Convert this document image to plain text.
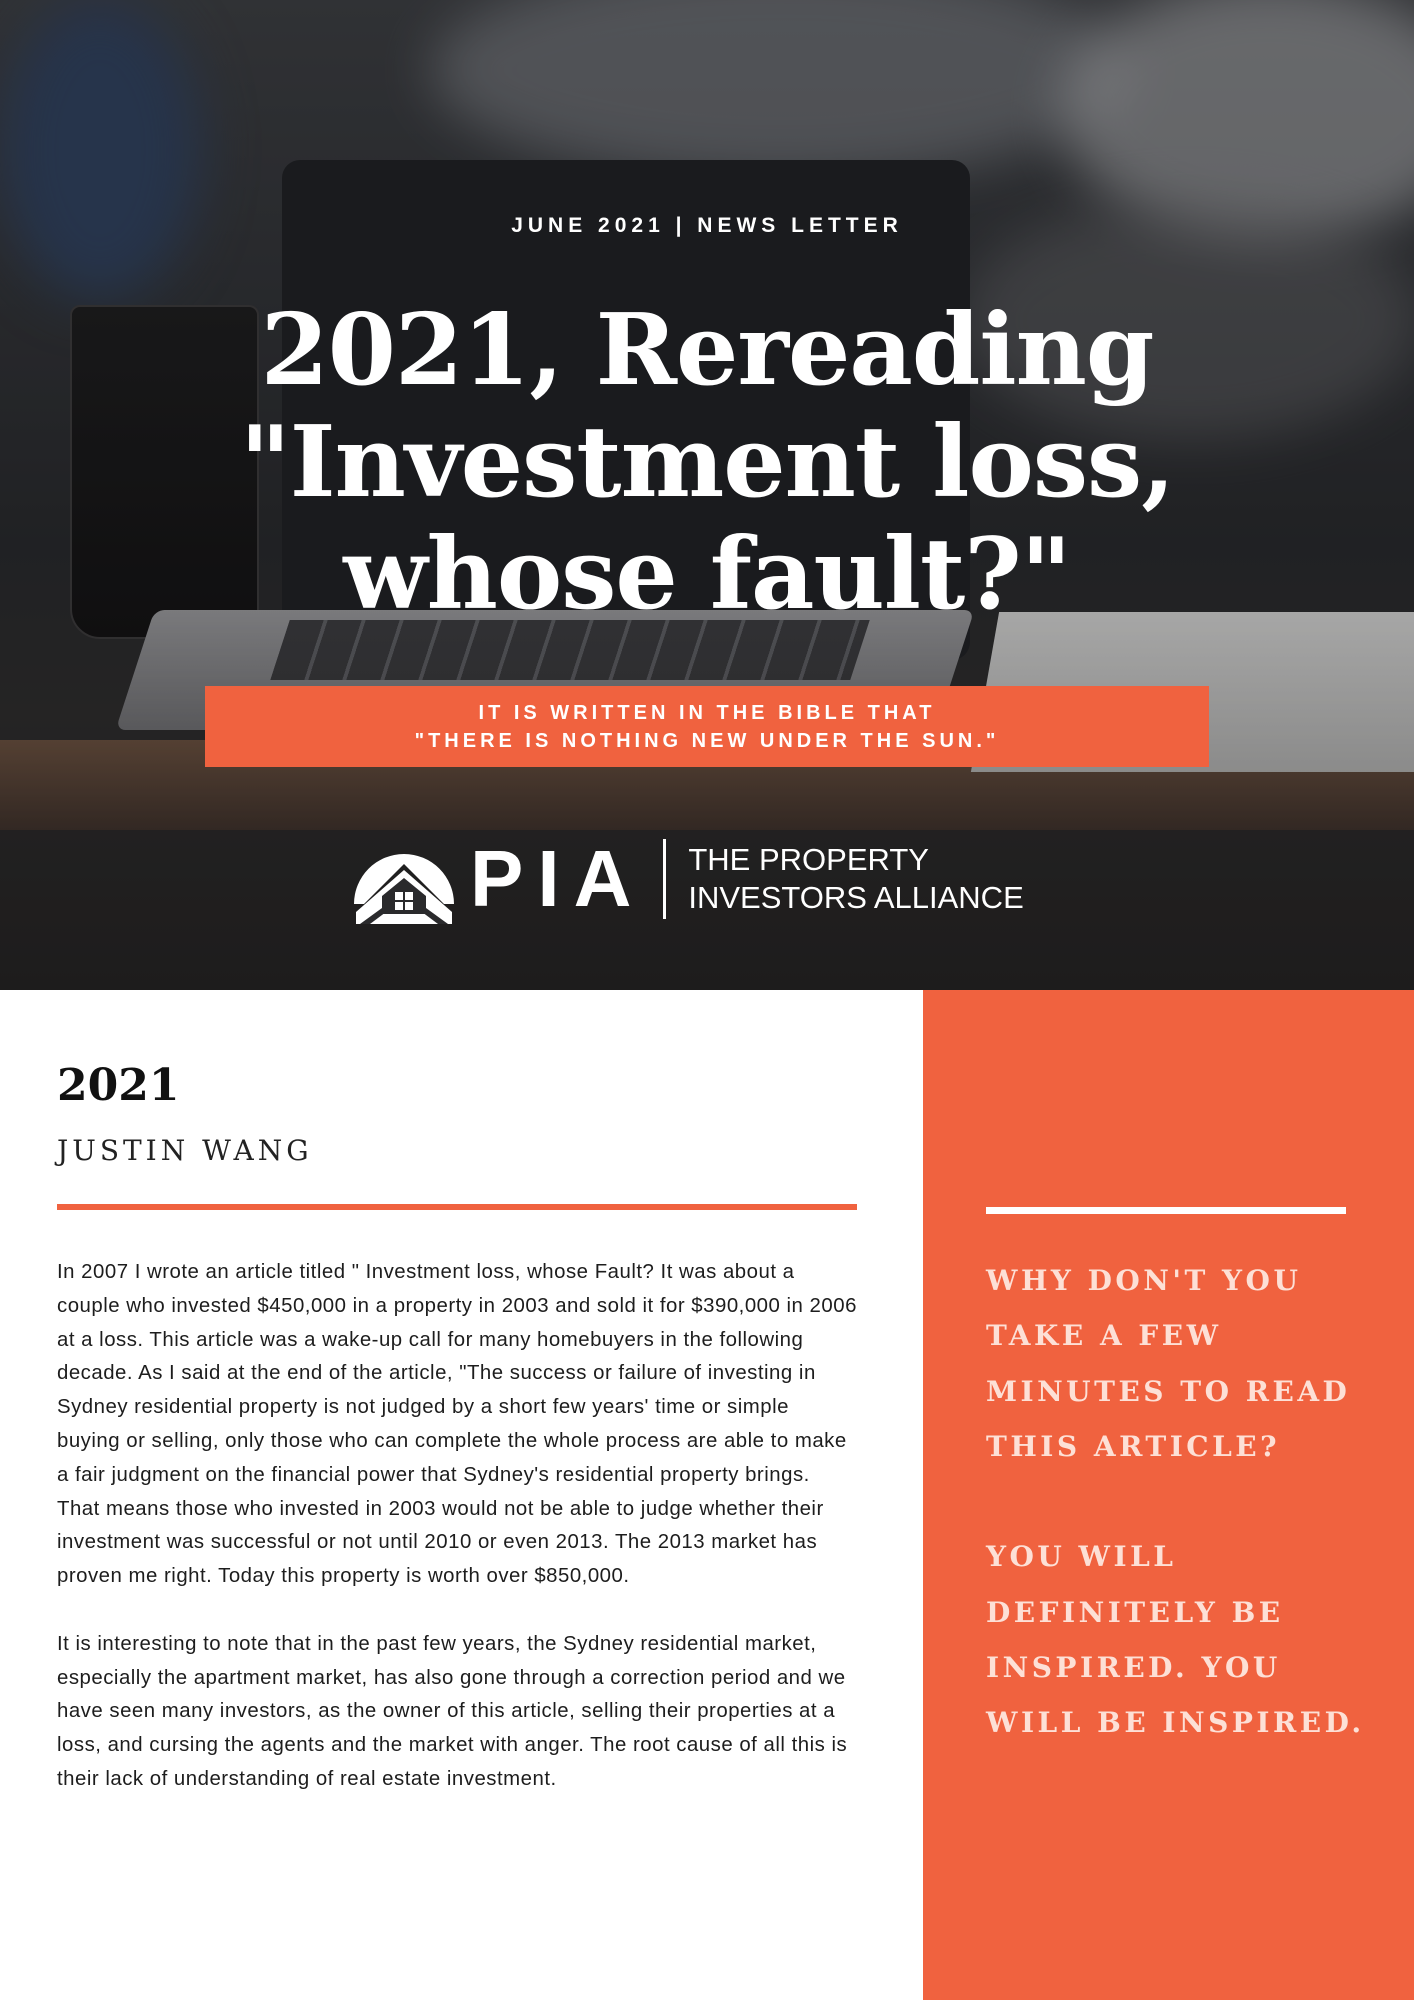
JUNE 2021 | NEWS LETTER
2021, Rereading
"Investment loss,
whose fault?"
IT IS WRITTEN IN THE BIBLE THAT
"THERE IS NOTHING NEW UNDER THE SUN."
PIA THE PROPERTY
INVESTORS ALLIANCE
2021
JUSTIN WANG

In 2007 I wrote an article titled " Investment loss, whose Fault? It was about a couple who invested $450,000 in a property in 2003 and sold it for $390,000 in 2006 at a loss. This article was a wake-up call for many homebuyers in the following decade. As I said at the end of the article, "The success or failure of investing in Sydney residential property is not judged by a short few years' time or simple buying or selling, only those who can complete the whole process are able to make a fair judgment on the financial power that Sydney's residential property brings. That means those who invested in 2003 would not be able to judge whether their investment was successful or not until 2010 or even 2013. The 2013 market has proven me right. Today this property is worth over $850,000.

It is interesting to note that in the past few years, the Sydney residential market, especially the apartment market, has also gone through a correction period and we have seen many investors, as the owner of this article, selling their properties at a loss, and cursing the agents and the market with anger. The root cause of all this is their lack of understanding of real estate investment.

WHY DON'T YOU TAKE A FEW MINUTES TO READ THIS ARTICLE?

YOU WILL DEFINITELY BE INSPIRED. YOU WILL BE INSPIRED.
